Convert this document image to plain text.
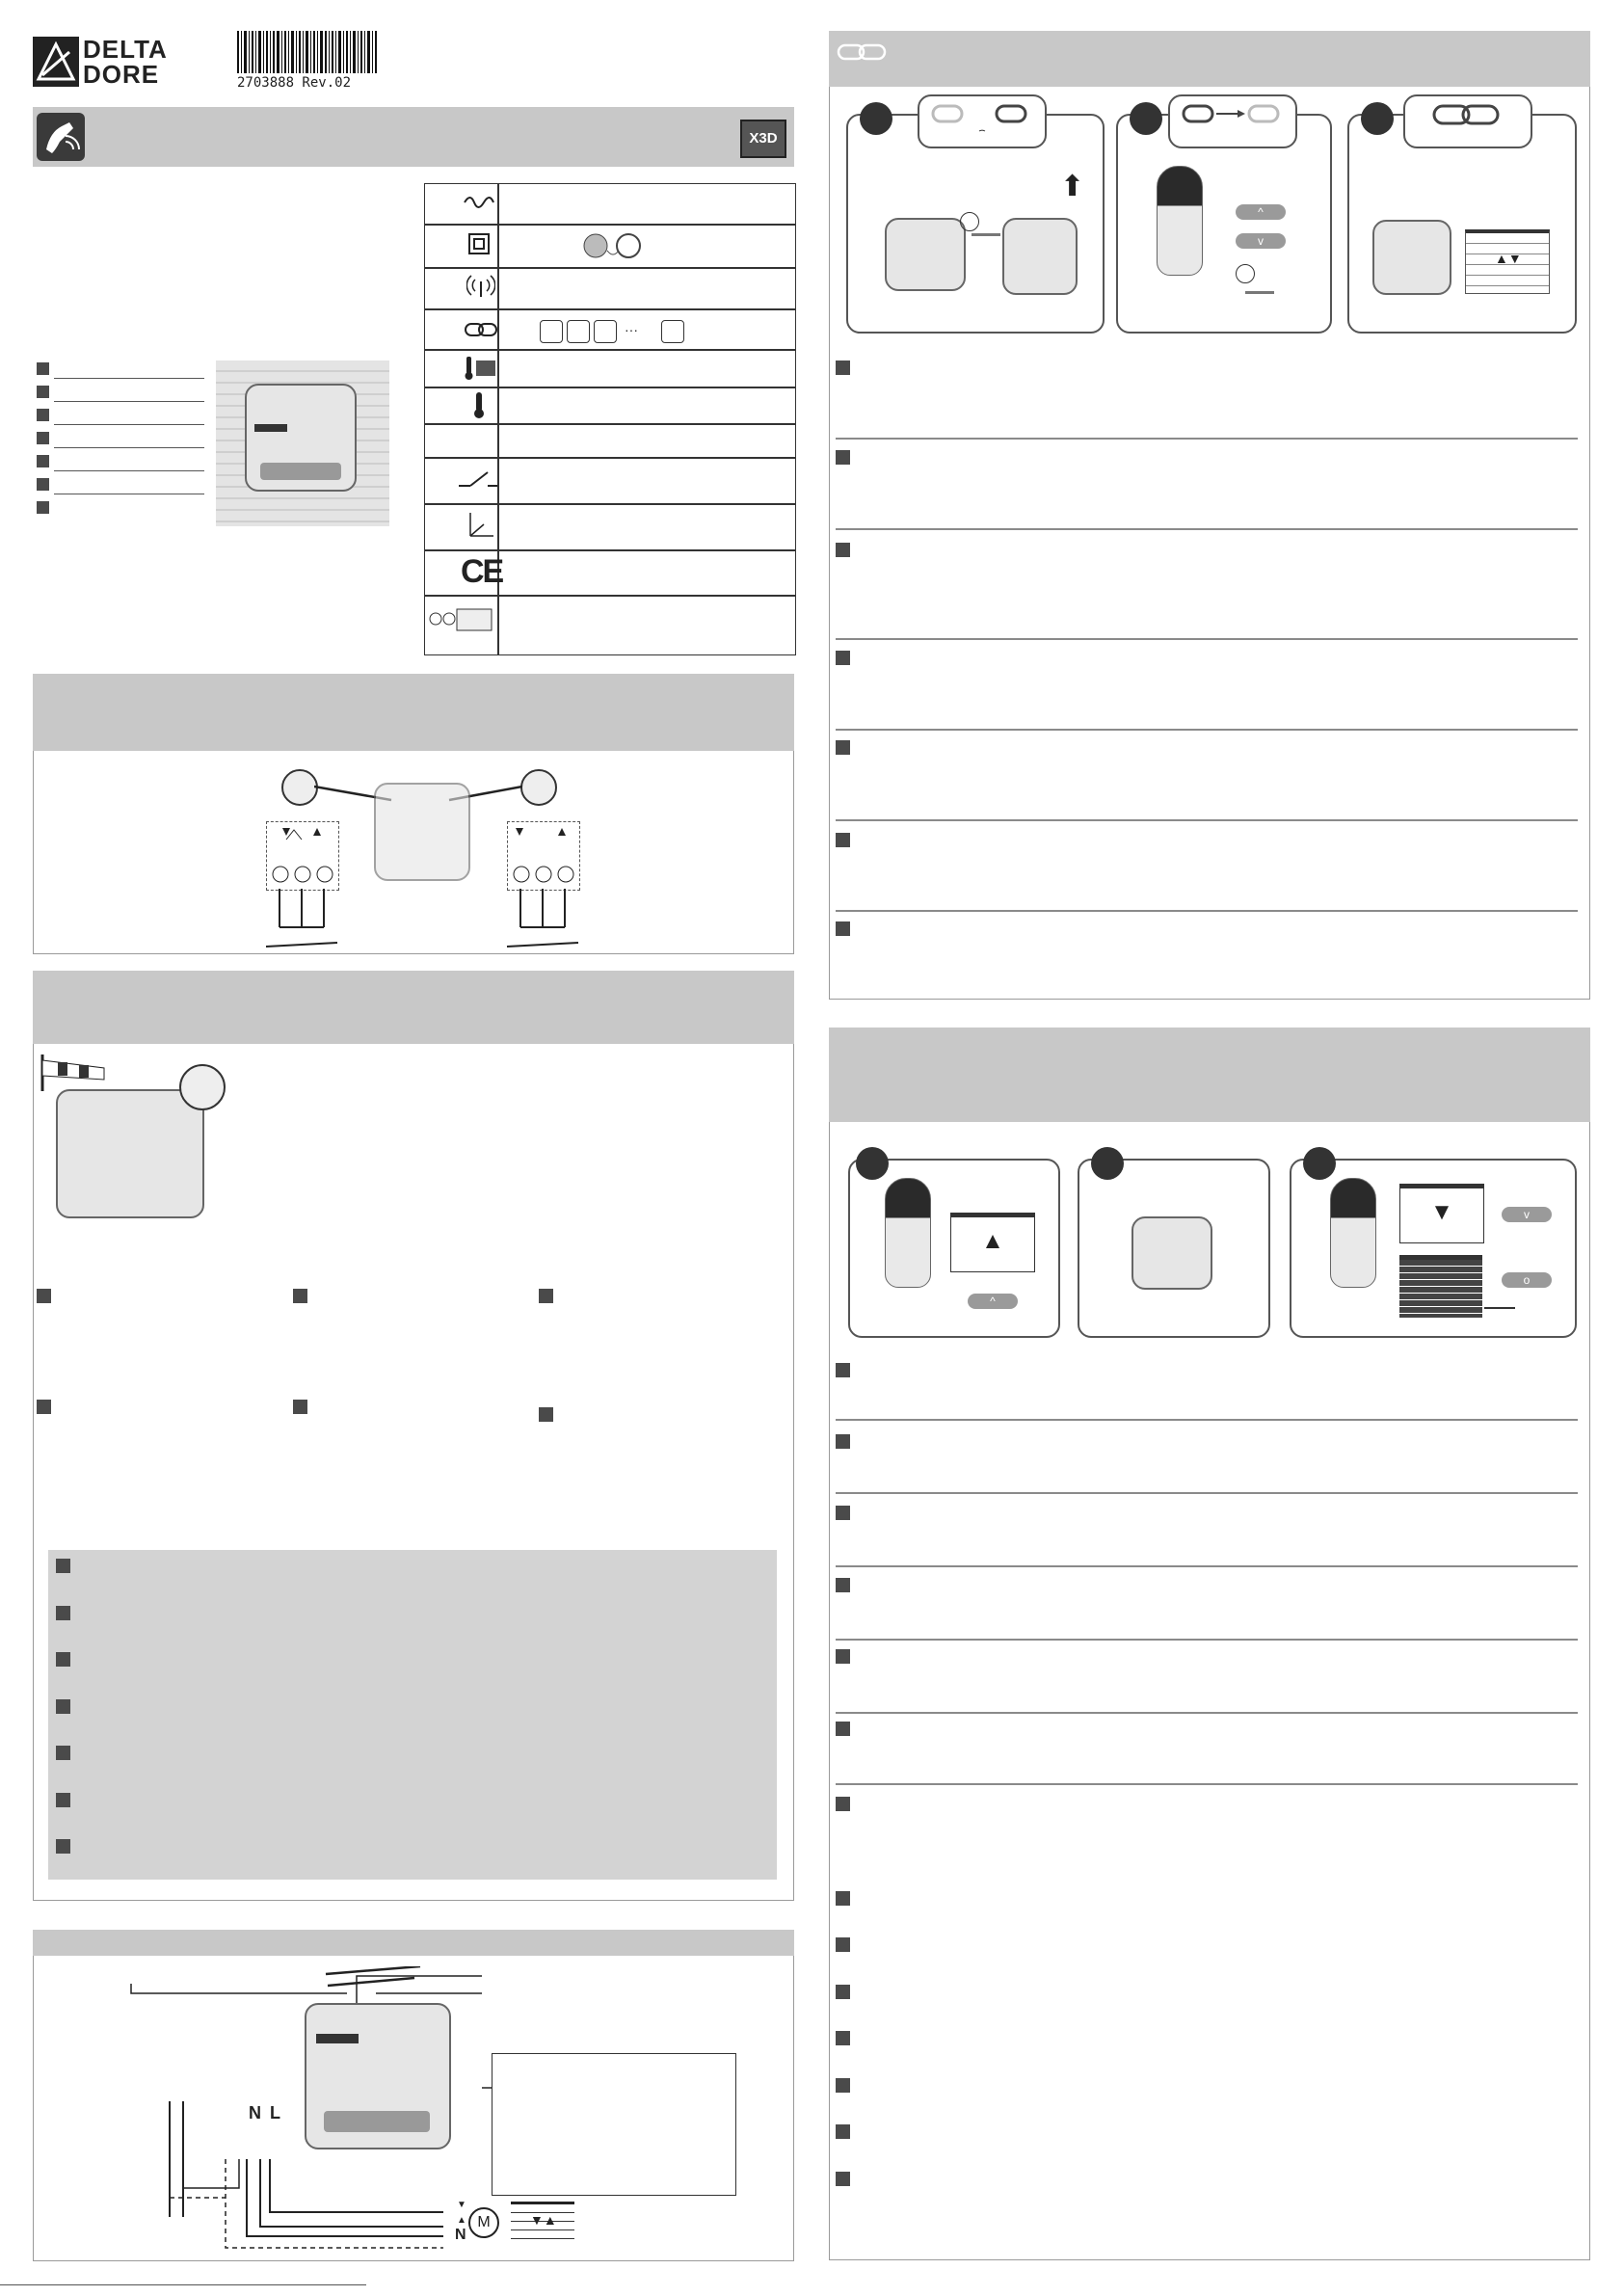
DELTA
DORE	2703888 Rev.02
X3D
···
CE
N L
N
▼
▲ M	▼▲
⬆
^
v
▲▼
▲
^
▼	v
o
